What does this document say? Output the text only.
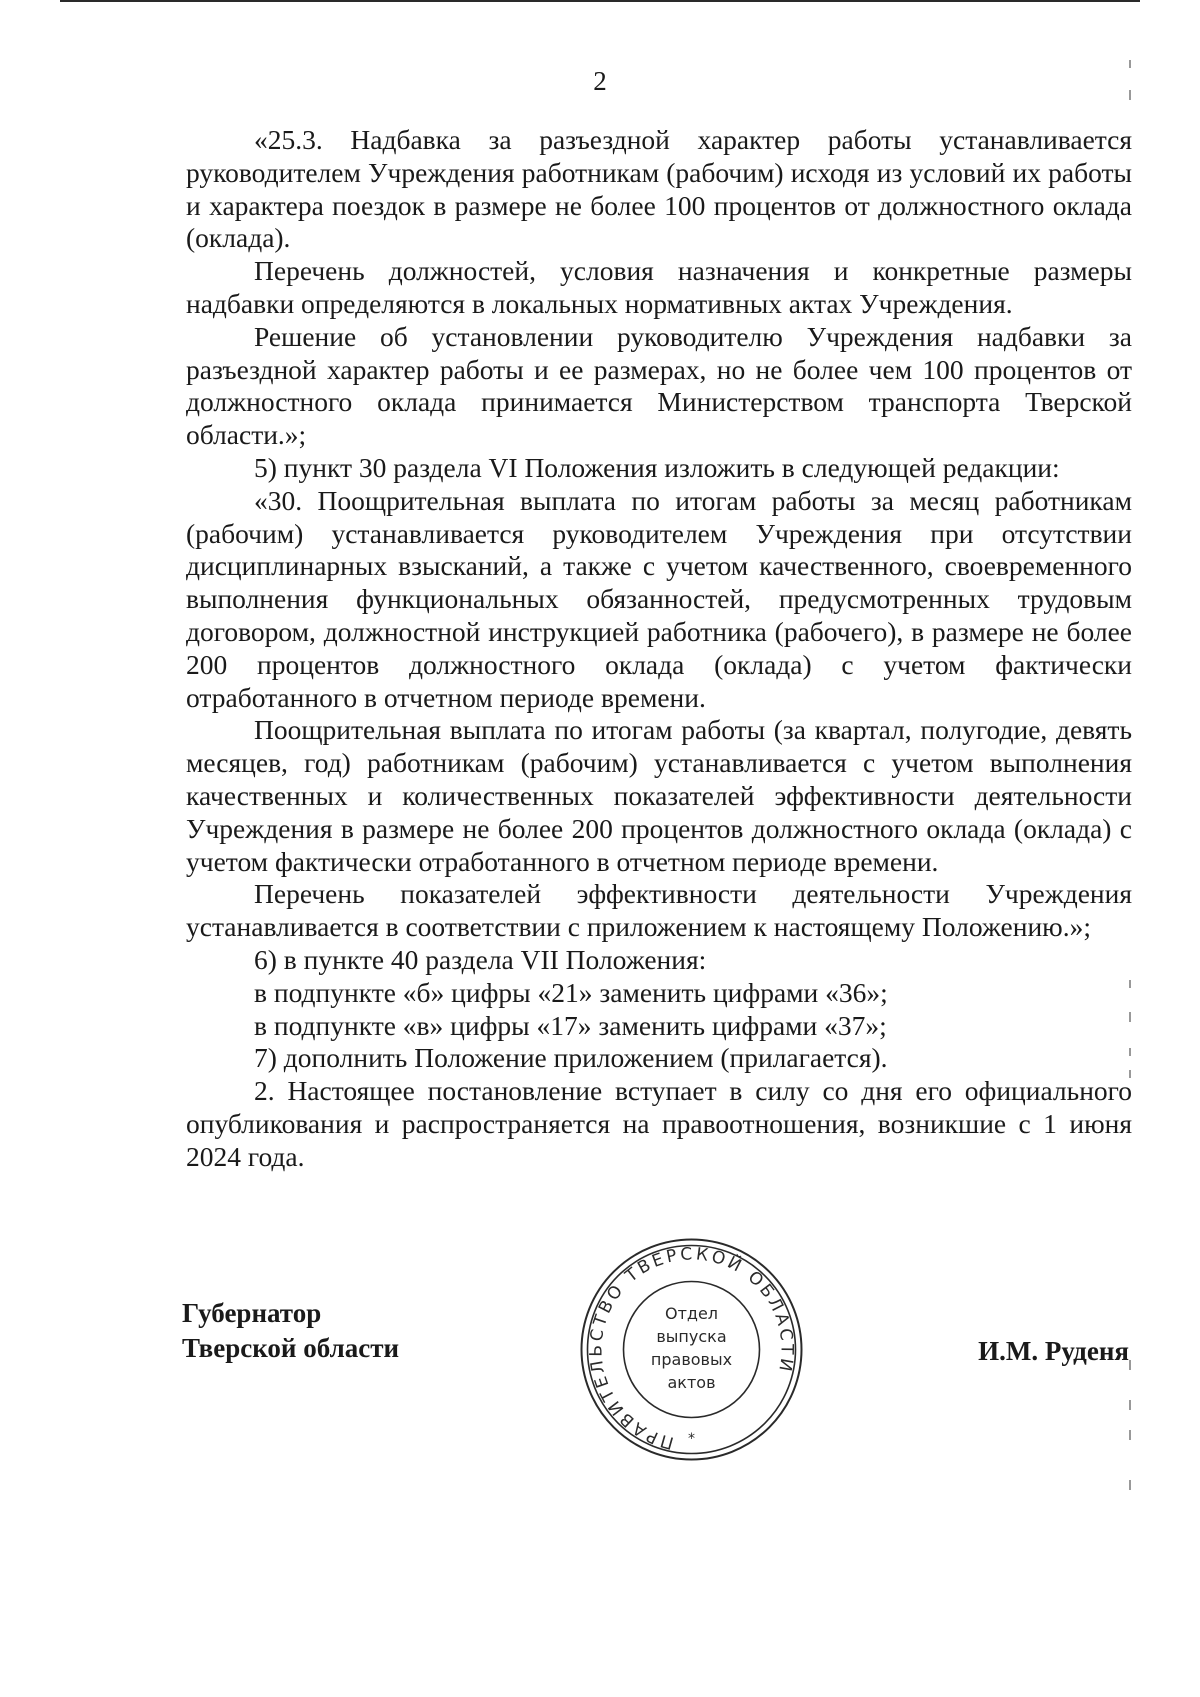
2

«25.3. Надбавка за разъездной характер работы устанавливается руководителем Учреждения работникам (рабочим) исходя из условий их работы и характера поездок в размере не более 100 процентов от должностного оклада (оклада).

Перечень должностей, условия назначения и конкретные размеры надбавки определяются в локальных нормативных актах Учреждения.

Решение об установлении руководителю Учреждения надбавки за разъездной характер работы и ее размерах, но не более чем 100 процентов от должностного оклада принимается Министерством транспорта Тверской области.»;

5) пункт 30 раздела VI Положения изложить в следующей редакции:

«30. Поощрительная выплата по итогам работы за месяц работникам (рабочим) устанавливается руководителем Учреждения при отсутствии дисциплинарных взысканий, а также с учетом качественного, своевременного выполнения функциональных обязанностей, предусмотренных трудовым договором, должностной инструкцией работника (рабочего), в размере не более 200 процентов должностного оклада (оклада) с учетом фактически отработанного в отчетном периоде времени.

Поощрительная выплата по итогам работы (за квартал, полугодие, девять месяцев, год) работникам (рабочим) устанавливается с учетом выполнения качественных и количественных показателей эффективности деятельности Учреждения в размере не более 200 процентов должностного оклада (оклада) с учетом фактически отработанного в отчетном периоде времени.

Перечень показателей эффективности деятельности Учреждения устанавливается в соответствии с приложением к настоящему Положению.»;

6) в пункте 40 раздела VII Положения:

в подпункте «б» цифры «21» заменить цифрами «36»;

в подпункте «в» цифры «17» заменить цифрами «37»;

7) дополнить Положение приложением (прилагается).

2. Настоящее постановление вступает в силу со дня его официального опубликования и распространяется на правоотношения, возникшие с 1 июня 2024 года.

Губернатор
Тверской области	И.М. Руденя
ПРАВИТЕЛЬСТВО ТВЕРСКОЙ ОБЛАСТИ
*
Отдел
выпуска
правовых
актов
